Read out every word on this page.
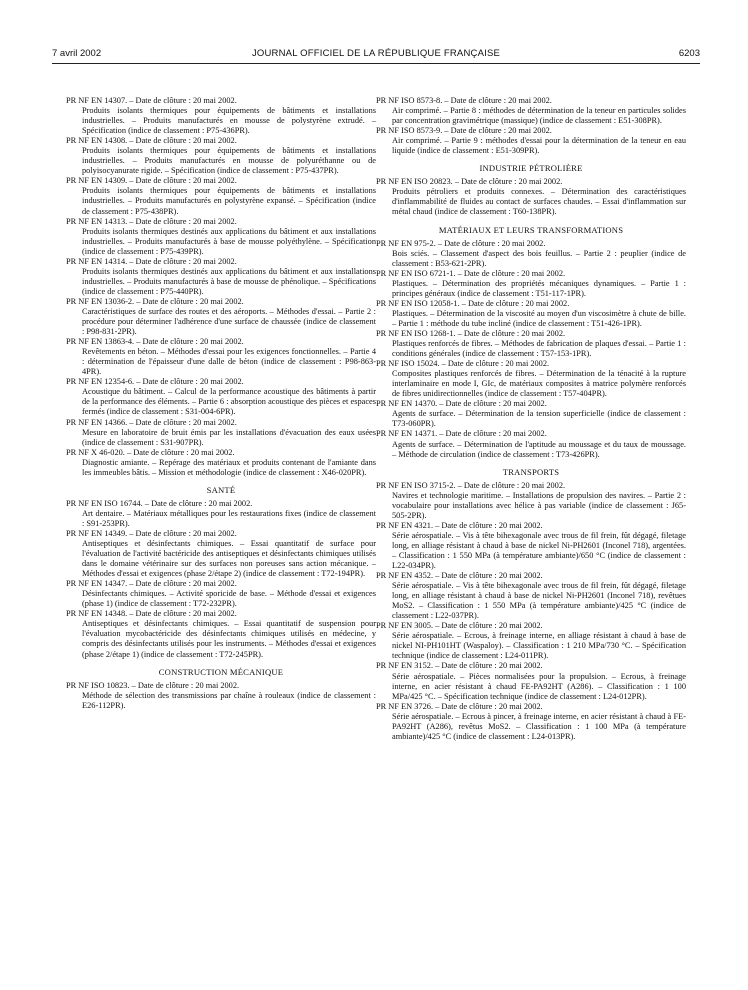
7 avril 2002	JOURNAL OFFICIEL DE LA RÉPUBLIQUE FRANÇAISE	6203
PR NF EN 14307. – Date de clôture : 20 mai 2002.
Produits isolants thermiques pour équipements de bâtiments et installations industrielles. – Produits manufacturés en mousse de polystyrène extrudé. – Spécification (indice de classement : P75-436PR).
PR NF EN 14308. – Date de clôture : 20 mai 2002.
Produits isolants thermiques pour équipements de bâtiments et installations industrielles. – Produits manufacturés en mousse de polyuréthanne ou de polyisocyanurate rigide. – Spécification (indice de classement : P75-437PR).
PR NF EN 14309. – Date de clôture : 20 mai 2002.
Produits isolants thermiques pour équipements de bâtiments et installations industrielles. – Produits manufacturés en polystyrène expansé. – Spécification (indice de classement : P75-438PR).
PR NF EN 14313. – Date de clôture : 20 mai 2002.
Produits isolants thermiques destinés aux applications du bâtiment et aux installations industrielles. – Produits manufacturés à base de mousse polyéthylène. – Spécification (indice de classement : P75-439PR).
PR NF EN 14314. – Date de clôture : 20 mai 2002.
Produits isolants thermiques destinés aux applications du bâtiment et aux installations industrielles. – Produits manufacturés à base de mousse de phénolique. – Spécifications (indice de classement : P75-440PR).
PR NF EN 13036-2. – Date de clôture : 20 mai 2002.
Caractéristiques de surface des routes et des aéroports. – Méthodes d'essai. – Partie 2 : procédure pour déterminer l'adhérence d'une surface de chaussée (indice de classement : P98-831-2PR).
PR NF EN 13863-4. – Date de clôture : 20 mai 2002.
Revêtements en béton. – Méthodes d'essai pour les exigences fonctionnelles. – Partie 4 : détermination de l'épaisseur d'une dalle de béton (indice de classement : P98-863-4PR).
PR NF EN 12354-6. – Date de clôture : 20 mai 2002.
Acoustique du bâtiment. – Calcul de la performance acoustique des bâtiments à partir de la performance des éléments. – Partie 6 : absorption acoustique des pièces et espaces fermés (indice de classement : S31-004-6PR).
PR NF EN 14366. – Date de clôture : 20 mai 2002.
Mesure en laboratoire de bruit émis par les installations d'évacuation des eaux usées (indice de classement : S31-907PR).
PR NF X 46-020. – Date de clôture : 20 mai 2002.
Diagnostic amiante. – Repérage des matériaux et produits contenant de l'amiante dans les immeubles bâtis. – Mission et méthodologie (indice de classement : X46-020PR).
SANTÉ
PR NF EN ISO 16744. – Date de clôture : 20 mai 2002.
Art dentaire. – Matériaux métalliques pour les restaurations fixes (indice de classement : S91-253PR).
PR NF EN 14349. – Date de clôture : 20 mai 2002.
Antiseptiques et désinfectants chimiques. – Essai quantitatif de surface pour l'évaluation de l'activité bactéricide des antiseptiques et désinfectants chimiques utilisés dans le domaine vétérinaire sur des surfaces non poreuses sans action mécanique. – Méthodes d'essai et exigences (phase 2/étape 2) (indice de classement : T72-194PR).
PR NF EN 14347. – Date de clôture : 20 mai 2002.
Désinfectants chimiques. – Activité sporicide de base. – Méthode d'essai et exigences (phase 1) (indice de classement : T72-232PR).
PR NF EN 14348. – Date de clôture : 20 mai 2002.
Antiseptiques et désinfectants chimiques. – Essai quantitatif de suspension pour l'évaluation mycobactéricide des désinfectants chimiques utilisés en médecine, y compris des désinfectants utilisés pour les instruments. – Méthodes d'essai et exigences (phase 2/étape 1) (indice de classement : T72-245PR).
CONSTRUCTION MÉCANIQUE
PR NF ISO 10823. – Date de clôture : 20 mai 2002.
Méthode de sélection des transmissions par chaîne à rouleaux (indice de classement : E26-112PR).
PR NF ISO 8573-8. – Date de clôture : 20 mai 2002.
Air comprimé. – Partie 8 : méthodes de détermination de la teneur en particules solides par concentration gravimétrique (massique) (indice de classement : E51-308PR).
PR NF ISO 8573-9. – Date de clôture : 20 mai 2002.
Air comprimé. – Partie 9 : méthodes d'essai pour la détermination de la teneur en eau liquide (indice de classement : E51-309PR).
INDUSTRIE PÉTROLIÈRE
PR NF EN ISO 20823. – Date de clôture : 20 mai 2002.
Produits pétroliers et produits connexes. – Détermination des caractéristiques d'inflammabilité de fluides au contact de surfaces chaudes. – Essai d'inflammation sur métal chaud (indice de classement : T60-138PR).
MATÉRIAUX ET LEURS TRANSFORMATIONS
PR NF EN 975-2. – Date de clôture : 20 mai 2002.
Bois sciés. – Classement d'aspect des bois feuillus. – Partie 2 : peuplier (indice de classement : B53-621-2PR).
PR NF EN ISO 6721-1. – Date de clôture : 20 mai 2002.
Plastiques. – Détermination des propriétés mécaniques dynamiques. – Partie 1 : principes généraux (indice de classement : T51-117-1PR).
PR NF EN ISO 12058-1. – Date de clôture : 20 mai 2002.
Plastiques. – Détermination de la viscosité au moyen d'un viscosimètre à chute de bille. – Partie 1 : méthode du tube incliné (indice de classement : T51-426-1PR).
PR NF EN ISO 1268-1. – Date de clôture : 20 mai 2002.
Plastiques renforcés de fibres. – Méthodes de fabrication de plaques d'essai. – Partie 1 : conditions générales (indice de classement : T57-153-1PR).
PR NF ISO 15024. – Date de clôture : 20 mai 2002.
Composites plastiques renforcés de fibres. – Détermination de la ténacité à la rupture interlaminaire en mode I, GIc, de matériaux composites à matrice polymère renforcés de fibres unidirectionnelles (indice de classement : T57-404PR).
PR NF EN 14370. – Date de clôture : 20 mai 2002.
Agents de surface. – Détermination de la tension superficielle (indice de classement : T73-060PR).
PR NF EN 14371. – Date de clôture : 20 mai 2002.
Agents de surface. – Détermination de l'aptitude au moussage et du taux de moussage. – Méthode de circulation (indice de classement : T73-426PR).
TRANSPORTS
PR NF EN ISO 3715-2. – Date de clôture : 20 mai 2002.
Navires et technologie maritime. – Installations de propulsion des navires. – Partie 2 : vocabulaire pour installations avec hélice à pas variable (indice de classement : J65-505-2PR).
PR NF EN 4321. – Date de clôture : 20 mai 2002.
Série aérospatiale. – Vis à tête bihexagonale avec trous de fil frein, fût dégagé, filetage long, en alliage résistant à chaud à base de nickel Ni-PH2601 (Inconel 718), argentées. – Classification : 1 550 MPa (à température ambiante)/650 °C (indice de classement : L22-034PR).
PR NF EN 4352. – Date de clôture : 20 mai 2002.
Série aérospatiale. – Vis à tête bihexagonale avec trous de fil frein, fût dégagé, filetage long, en alliage résistant à chaud à base de nickel Ni-PH2601 (Inconel 718), revêtues MoS2. – Classification : 1 550 MPa (à température ambiante)/425 °C (indice de classement : L22-037PR).
PR NF EN 3005. – Date de clôture : 20 mai 2002.
Série aérospatiale. – Ecrous, à freinage interne, en alliage résistant à chaud à base de nickel NI-PH101HT (Waspaloy). – Classification : 1 210 MPa/730 °C. – Spécification technique (indice de classement : L24-011PR).
PR NF EN 3152. – Date de clôture : 20 mai 2002.
Série aérospatiale. – Pièces normalisées pour la propulsion. – Ecrous, à freinage interne, en acier résistant à chaud FE-PA92HT (A286). – Classification : 1 100 MPa/425 °C. – Spécification technique (indice de classement : L24-012PR).
PR NF EN 3726. – Date de clôture : 20 mai 2002.
Série aérospatiale. – Ecrous à pincer, à freinage interne, en acier résistant à chaud à FE-PA92HT (A286), revêtus MoS2. – Classification : 1 100 MPa (à température ambiante)/425 °C (indice de classement : L24-013PR).
